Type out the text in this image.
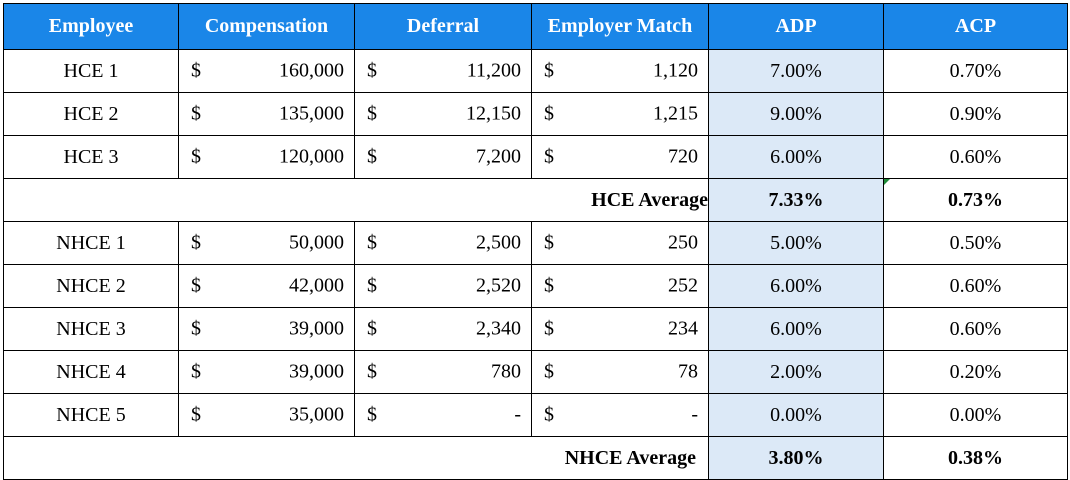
Employee	Compensation	Deferral	Employer Match	ADP	ACP
HCE 1	$ 160,000	$ 11,200	$ 1,120	7.00%	0.70%
HCE 2	$ 135,000	$ 12,150	$ 1,215	9.00%	0.90%
HCE 3	$ 120,000	$ 7,200	$ 720	6.00%	0.60%
HCE Average				7.33%	0.73%
NHCE 1	$ 50,000	$ 2,500	$ 250	5.00%	0.50%
NHCE 2	$ 42,000	$ 2,520	$ 252	6.00%	0.60%
NHCE 3	$ 39,000	$ 2,340	$ 234	6.00%	0.60%
NHCE 4	$ 39,000	$ 780	$ 78	2.00%	0.20%
NHCE 5	$ 35,000	$ -	$ -	0.00%	0.00%
NHCE Average				3.80%	0.38%
